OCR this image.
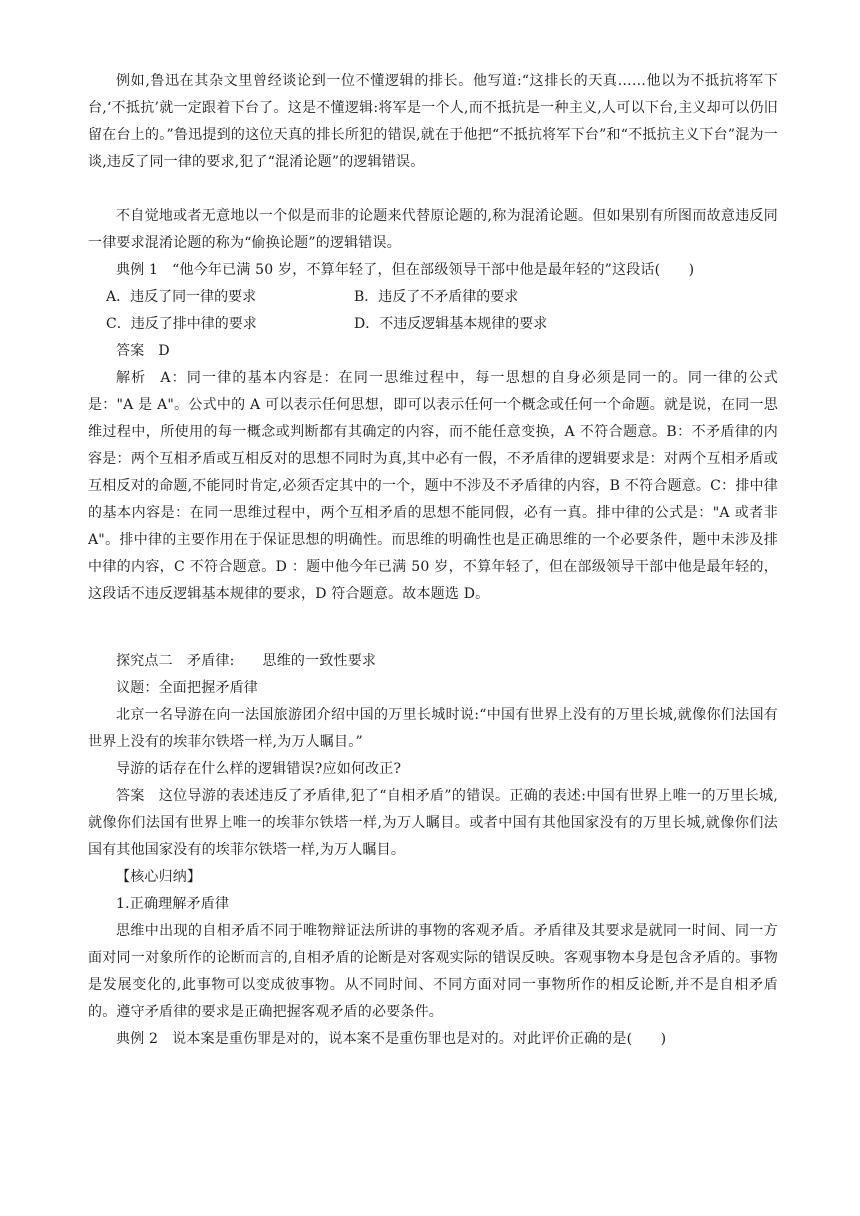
例如,鲁迅在其杂文里曾经谈论到一位不懂逻辑的排长。他写道:“这排长的天真……他以为不抵抗将军下台,‘不抵抗’就一定跟着下台了。这是不懂逻辑:将军是一个人,而不抵抗是一种主义,人可以下台,主义却可以仍旧留在台上的。”鲁迅提到的这位天真的排长所犯的错误,就在于他把“不抵抗将军下台”和“不抵抗主义下台”混为一谈,违反了同一律的要求,犯了“混淆论题”的逻辑错误。

不自觉地或者无意地以一个似是而非的论题来代替原论题的,称为混淆论题。但如果别有所图而故意违反同一律要求混淆论题的称为“偷换论题”的逻辑错误。

典例 1 “他今年已满 50 岁，不算年轻了，但在部级领导干部中他是最年轻的”这段话(　　)

A．违反了同一律的要求	B．违反了不矛盾律的要求
C．违反了排中律的要求	D．不违反逻辑基本规律的要求

答案 D

解析 A：同一律的基本内容是：在同一思维过程中，每一思想的自身必须是同一的。同一律的公式是："A 是 A"。公式中的 A 可以表示任何思想，即可以表示任何一个概念或任何一个命题。就是说，在同一思维过程中，所使用的每一概念或判断都有其确定的内容，而不能任意变换，A 不符合题意。B：不矛盾律的内容是：两个互相矛盾或互相反对的思想不同时为真,其中必有一假，不矛盾律的逻辑要求是：对两个互相矛盾或互相反对的命题,不能同时肯定,必须否定其中的一个，题中不涉及不矛盾律的内容，B 不符合题意。C：排中律的基本内容是：在同一思维过程中，两个互相矛盾的思想不能同假，必有一真。排中律的公式是："A 或者非 A"。排中律的主要作用在于保证思想的明确性。而思维的明确性也是正确思维的一个必要条件，题中未涉及排中律的内容，C 不符合题意。D ：题中他今年已满 50 岁，不算年轻了，但在部级领导干部中他是最年轻的，这段话不违反逻辑基本规律的要求，D 符合题意。故本题选 D。

探究点二　矛盾律: 思维的一致性要求

议题：全面把握矛盾律

北京一名导游在向一法国旅游团介绍中国的万里长城时说:“中国有世界上没有的万里长城,就像你们法国有世界上没有的埃菲尔铁塔一样,为万人瞩目。”

导游的话存在什么样的逻辑错误?应如何改正?

答案 这位导游的表述违反了矛盾律,犯了“自相矛盾”的错误。正确的表述:中国有世界上唯一的万里长城,就像你们法国有世界上唯一的埃菲尔铁塔一样,为万人瞩目。或者中国有其他国家没有的万里长城,就像你们法国有其他国家没有的埃菲尔铁塔一样,为万人瞩目。

【核心归纳】

1.正确理解矛盾律

思维中出现的自相矛盾不同于唯物辩证法所讲的事物的客观矛盾。矛盾律及其要求是就同一时间、同一方面对同一对象所作的论断而言的,自相矛盾的论断是对客观实际的错误反映。客观事物本身是包含矛盾的。事物是发展变化的,此事物可以变成彼事物。从不同时间、不同方面对同一事物所作的相反论断,并不是自相矛盾的。遵守矛盾律的要求是正确把握客观矛盾的必要条件。

典例 2 说本案是重伤罪是对的，说本案不是重伤罪也是对的。对此评价正确的是(　　)
